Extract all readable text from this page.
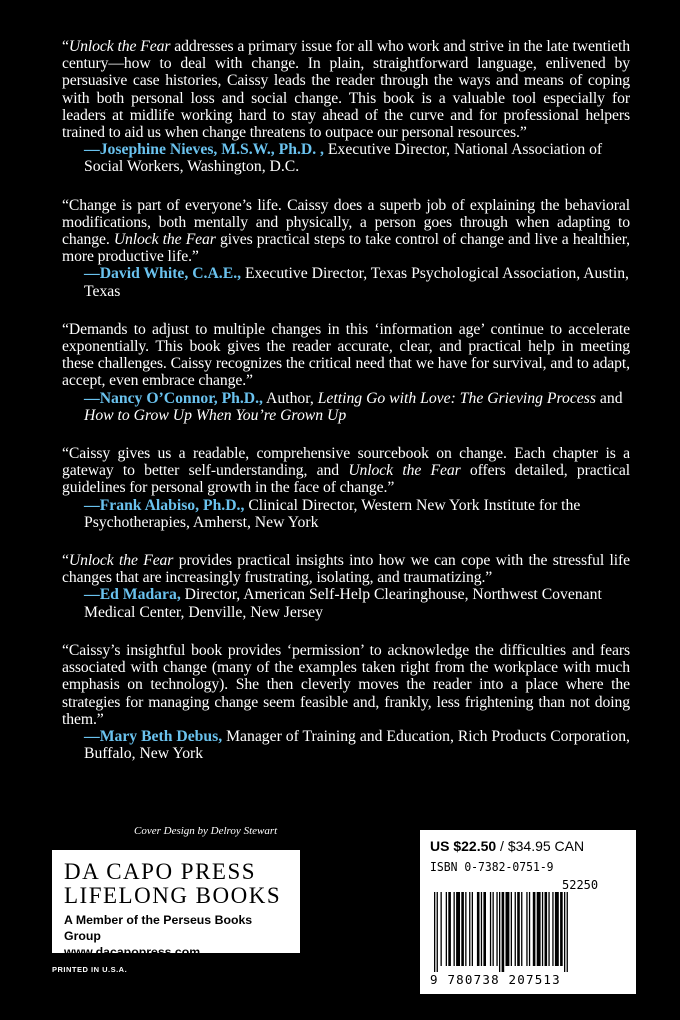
“Unlock the Fear addresses a primary issue for all who work and strive in the late twentieth century—how to deal with change. In plain, straightforward language, enlivened by persuasive case histories, Caissy leads the reader through the ways and means of coping with both personal loss and social change. This book is a valuable tool especially for leaders at midlife working hard to stay ahead of the curve and for professional helpers trained to aid us when change threatens to outpace our personal resources.”

—Josephine Nieves, M.S.W., Ph.D. , Executive Director, National Association of Social Workers, Washington, D.C.

“Change is part of everyone’s life. Caissy does a superb job of explaining the behavioral modifications, both mentally and physically, a person goes through when adapting to change. Unlock the Fear gives practical steps to take control of change and live a healthier, more productive life.”

—David White, C.A.E., Executive Director, Texas Psychological Association, Austin, Texas

“Demands to adjust to multiple changes in this ‘information age’ continue to accelerate exponentially. This book gives the reader accurate, clear, and practical help in meeting these challenges. Caissy recognizes the critical need that we have for survival, and to adapt, accept, even embrace change.”

—Nancy O’Connor, Ph.D., Author, Letting Go with Love: The Grieving Process and How to Grow Up When You’re Grown Up

“Caissy gives us a readable, comprehensive sourcebook on change. Each chapter is a gateway to better self-understanding, and Unlock the Fear offers detailed, practical guidelines for personal growth in the face of change.”

—Frank Alabiso, Ph.D., Clinical Director, Western New York Institute for the Psychotherapies, Amherst, New York

“Unlock the Fear provides practical insights into how we can cope with the stressful life changes that are increasingly frustrating, isolating, and traumatizing.”

—Ed Madara, Director, American Self-Help Clearinghouse, Northwest Covenant Medical Center, Denville, New Jersey

“Caissy’s insightful book provides ‘permission’ to acknowledge the difficulties and fears associated with change (many of the examples taken right from the workplace with much emphasis on technology). She then cleverly moves the reader into a place where the strategies for managing change seem feasible and, frankly, less frightening than not doing them.”

—Mary Beth Debus, Manager of Training and Education, Rich Products Corporation, Buffalo, New York

Cover Design by Delroy Stewart

DA CAPO PRESS

LIFELONG BOOKS

A Member of the Perseus Books Group

www.dacapopress.com

PRINTED IN U.S.A.

US $22.50 / $34.95 CAN

ISBN 0-7382-0751-9
52250
9 780738 207513
